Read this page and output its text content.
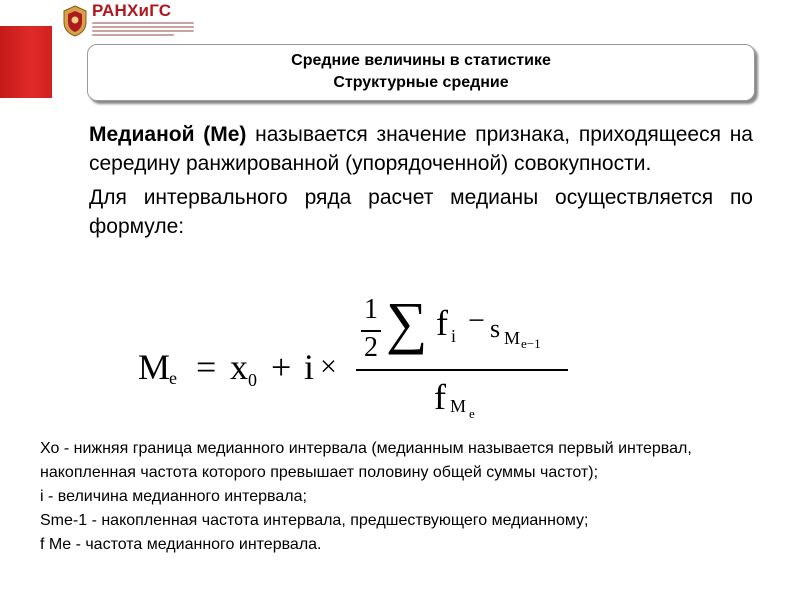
РАНХиГС
Средние величины в статистике
Структурные средние

Медианой (Ме) называется значение признака, приходящееся на середину ранжированной (упорядоченной) совокупности.

Для интервального ряда расчет медианы осуществляется по формуле:

M
e = x 0 + i ×
1
2 ∑ f i − s M e−1
f M e
Хо - нижняя граница медианного интервала (медианным называется первый интервал, накопленная частота которого превышает половину общей суммы частот);
i - величина медианного интервала;
Sme-1 - накопленная частота интервала, предшествующего медианному;
f Me - частота медианного интервала.
